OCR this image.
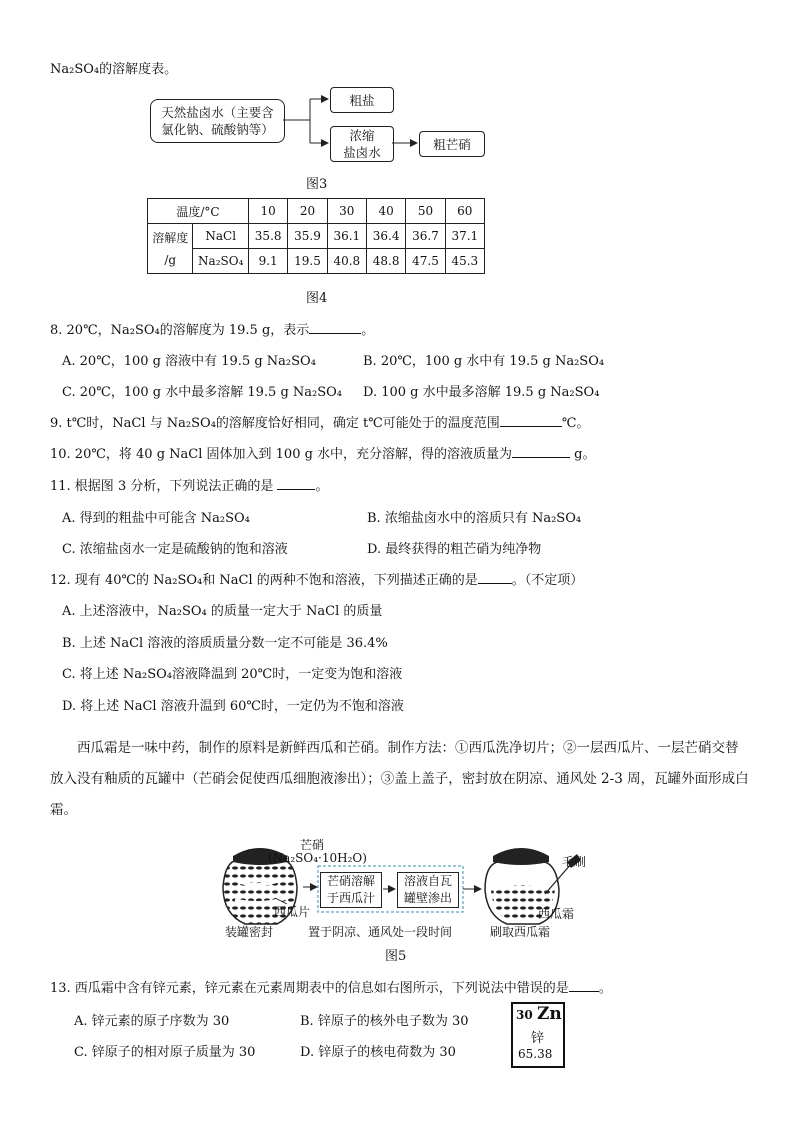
Na₂SO₄的溶解度表。
天然盐卤水（主要含
氯化钠、硫酸钠等）
粗盐
浓缩
盐卤水
粗芒硝
图3
温度/°C		10	20	30	40	50	60
溶解度
/g	NaCl	35.8	35.9	36.1	36.4	36.7	37.1
	Na₂SO₄	9.1	19.5	40.8	48.8	47.5	45.3
图4
8. 20℃，Na₂SO₄的溶解度为 19.5 g，表示	。
A. 20℃，100 g 溶液中有 19.5 g Na₂SO₄	B. 20℃，100 g 水中有 19.5 g Na₂SO₄
C. 20℃，100 g 水中最多溶解 19.5 g Na₂SO₄ D. 100 g 水中最多溶解 19.5 g Na₂SO₄
9. t℃时，NaCl 与 Na₂SO₄的溶解度恰好相同，确定 t℃可能处于的温度范围	℃。
10. 20℃，将 40 g NaCl 固体加入到 100 g 水中，充分溶解，得的溶液质量为	g。
11. 根据图 3 分析，下列说法正确的是	。
A. 得到的粗盐中可能含 Na₂SO₄	B. 浓缩盐卤水中的溶质只有 Na₂SO₄
C. 浓缩盐卤水一定是硫酸钠的饱和溶液	D. 最终获得的粗芒硝为纯净物
12. 现有 40℃的 Na₂SO₄和 NaCl 的两种不饱和溶液，下列描述正确的是	。（不定项）
A. 上述溶液中，Na₂SO₄ 的质量一定大于 NaCl 的质量
B. 上述 NaCl 溶液的溶质质量分数一定不可能是 36.4%
C. 将上述 Na₂SO₄溶液降温到 20℃时，一定变为饱和溶液
D. 将上述 NaCl 溶液升温到 60℃时，一定仍为不饱和溶液
西瓜霜是一味中药，制作的原料是新鲜西瓜和芒硝。制作方法：①西瓜洗净切片；②一层西瓜片、一层芒硝交替放入没有釉质的瓦罐中（芒硝会促使西瓜细胞液渗出）；③盖上盖子，密封放在阴凉、通风处 2-3 周，瓦罐外面形成白霜。
芒硝
(Na₂SO₄·10H₂O)
西瓜片
芒硝溶解
于西瓜汁
溶液自瓦
罐壁渗出
毛刷
西瓜霜
装罐密封	置于阴凉、通风处一段时间	刷取西瓜霜
图5
13. 西瓜霜中含有锌元素，锌元素在元素周期表中的信息如右图所示，下列说法中错误的是 。
A. 锌元素的原子序数为 30	B. 锌原子的核外电子数为 30
C. 锌原子的相对原子质量为 30	D. 锌原子的核电荷数为 30
30 Zn
锌
65.38
